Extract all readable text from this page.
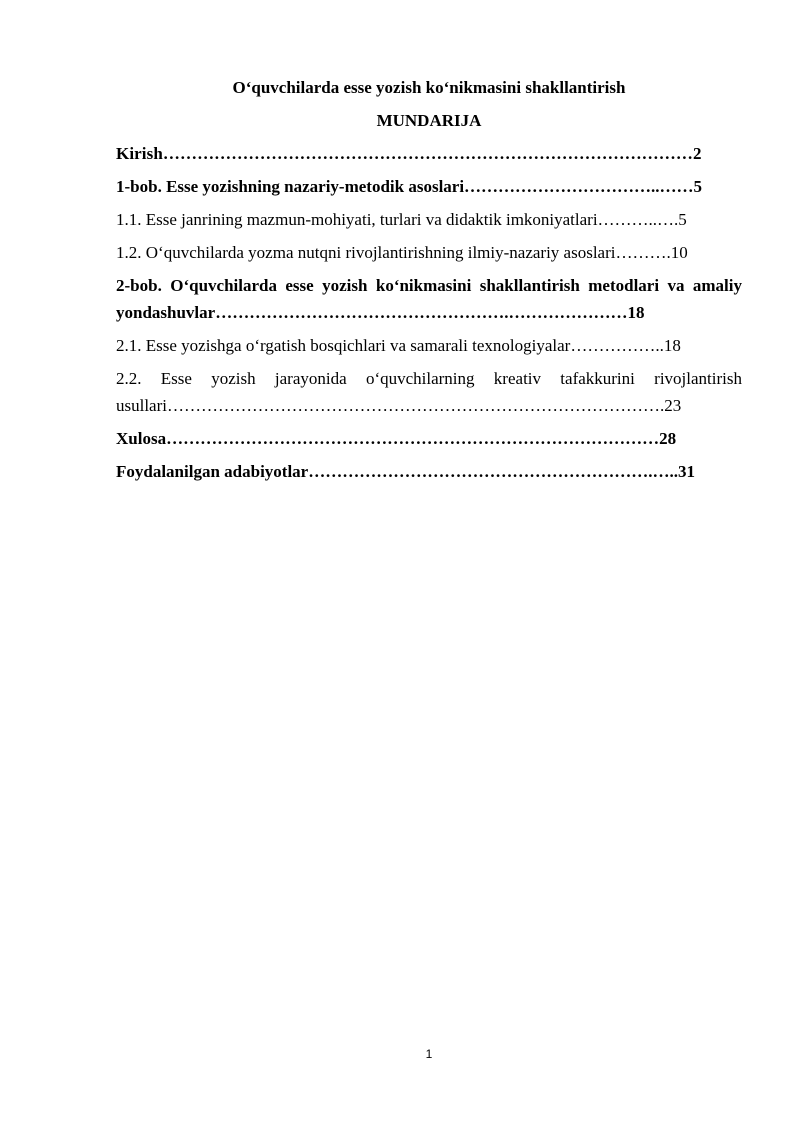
O‘quvchilarda esse yozish ko‘nikmasini shakllantirish
MUNDARIJA

Kirish…………………………………………………………………………………2

1-bob. Esse yozishning nazariy-metodik asoslari……………………………..……5

1.1. Esse janrining mazmun-mohiyati, turlari va didaktik imkoniyatlari………..….5

1.2. O‘quvchilarda yozma nutqni rivojlantirishning ilmiy-nazariy asoslari……….10

2-bob. O‘quvchilarda esse yozish ko‘nikmasini shakllantirish metodlari va amaliy yondashuvlar…………………………………………….…………………18

2.1. Esse yozishga o‘rgatish bosqichlari va samarali texnologiyalar……………..18

2.2. Esse yozish jarayonida o‘quvchilarning kreativ tafakkurini rivojlantirish usullari…………………………………………………………………………….23

Xulosa……………………………………………………………………………28

Foydalanilgan adabiyotlar…………………………………………………….…..31

1
